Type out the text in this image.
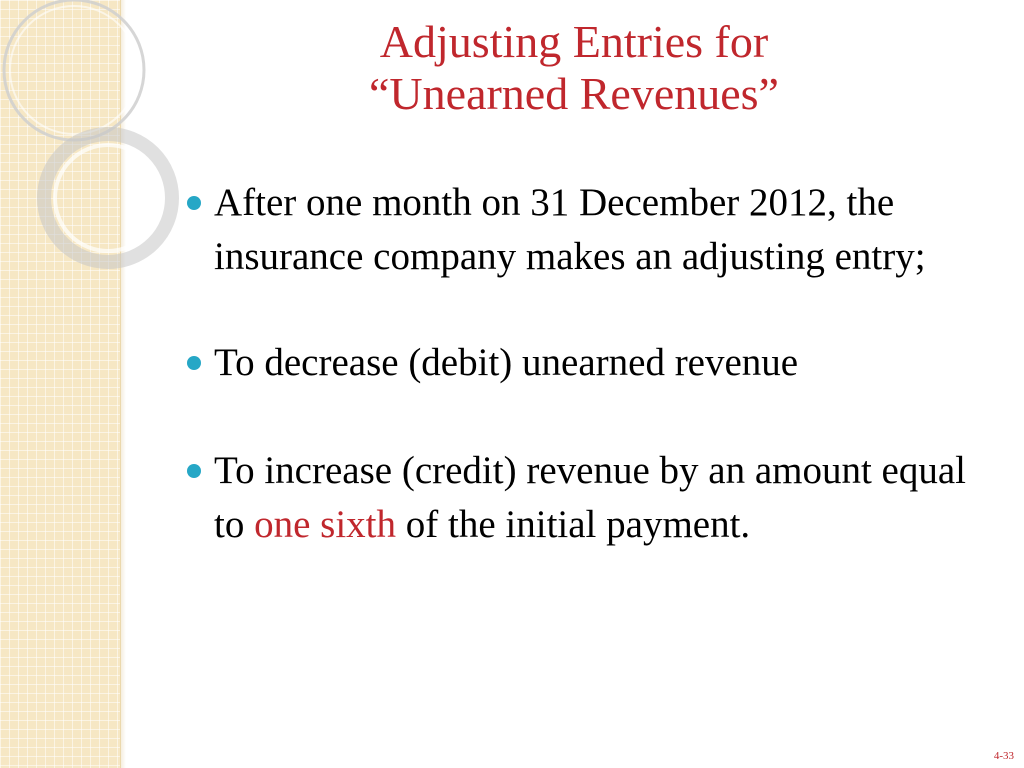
Adjusting Entries for
“Unearned Revenues”
After one month on 31 December 2012, the insurance company makes an adjusting entry;
To decrease (debit) unearned revenue
To increase (credit) revenue by an amount equal to one sixth of the initial payment.
4-33
